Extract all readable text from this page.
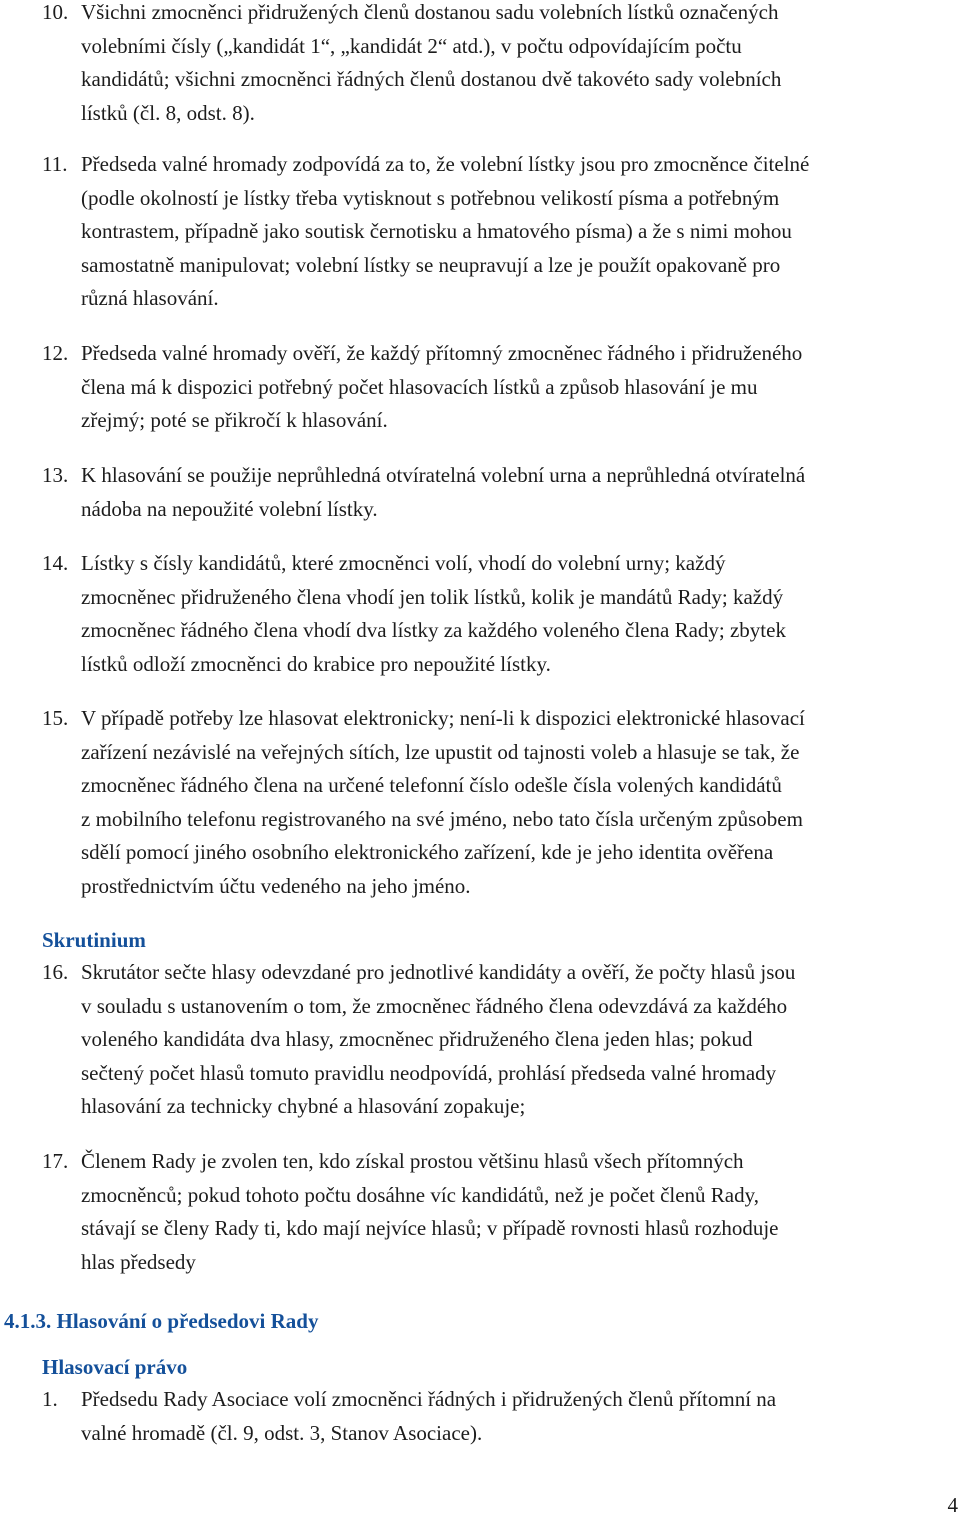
10. Všichni zmocněnci přidružených členů dostanou sadu volebních lístků označených
volebními čísly („kandidát 1“, „kandidát 2“ atd.), v počtu odpovídajícím počtu
kandidátů; všichni zmocněnci řádných členů dostanou dvě takovéto sady volebních
lístků (čl. 8, odst. 8).
11. Předseda valné hromady zodpovídá za to, že volební lístky jsou pro zmocněnce čitelné
(podle okolností je lístky třeba vytisknout s potřebnou velikostí písma a potřebným
kontrastem, případně jako soutisk černotisku a hmatového písma) a že s nimi mohou
samostatně manipulovat; volební lístky se neupravují a lze je použít opakovaně pro
různá hlasování.
12. Předseda valné hromady ověří, že každý přítomný zmocněnec řádného i přidruženého
člena má k dispozici potřebný počet hlasovacích lístků a způsob hlasování je mu
zřejmý; poté se přikročí k hlasování.
13. K hlasování se použije neprůhledná otvíratelná volební urna a neprůhledná otvíratelná
nádoba na nepoužité volební lístky.
14. Lístky s čísly kandidátů, které zmocněnci volí, vhodí do volební urny; každý
zmocněnec přidruženého člena vhodí jen tolik lístků, kolik je mandátů Rady; každý
zmocněnec řádného člena vhodí dva lístky za každého voleného člena Rady; zbytek
lístků odloží zmocněnci do krabice pro nepoužité lístky.
15. V případě potřeby lze hlasovat elektronicky; není-li k dispozici elektronické hlasovací
zařízení nezávislé na veřejných sítích, lze upustit od tajnosti voleb a hlasuje se tak, že
zmocněnec řádného člena na určené telefonní číslo odešle čísla volených kandidátů
z mobilního telefonu registrovaného na své jméno, nebo tato čísla určeným způsobem
sdělí pomocí jiného osobního elektronického zařízení, kde je jeho identita ověřena
prostřednictvím účtu vedeného na jeho jméno.
Skrutinium
16. Skrutátor sečte hlasy odevzdané pro jednotlivé kandidáty a ověří, že počty hlasů jsou
v souladu s ustanovením o tom, že zmocněnec řádného člena odevzdává za každého
voleného kandidáta dva hlasy, zmocněnec přidruženého člena jeden hlas; pokud
sečtený počet hlasů tomuto pravidlu neodpovídá, prohlásí předseda valné hromady
hlasování za technicky chybné a hlasování zopakuje;
17. Členem Rady je zvolen ten, kdo získal prostou většinu hlasů všech přítomných
zmocněnců; pokud tohoto počtu dosáhne víc kandidátů, než je počet členů Rady,
stávají se členy Rady ti, kdo mají nejvíce hlasů; v případě rovnosti hlasů rozhoduje
hlas předsedy
4.1.3. Hlasování o předsedovi Rady
Hlasovací právo
1. Předsedu Rady Asociace volí zmocněnci řádných i přidružených členů přítomní na
valné hromadě (čl. 9, odst. 3, Stanov Asociace).
4
